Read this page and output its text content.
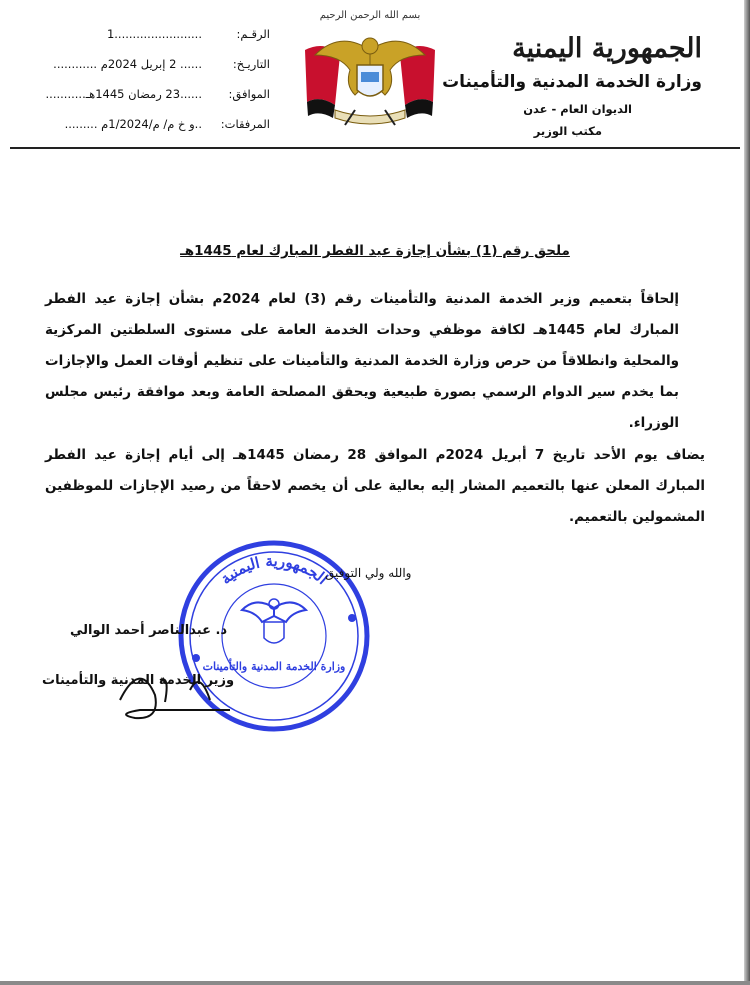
الجمهورية اليمنية
وزارة الخدمة المدنية والتأمينات
الديوان العام - عدن
مكتب الوزير
بسم الله الرحمن الرحيم
الرقـم:
........................1
التاريـخ:
...... 2 إبريل 2024م ............
الموافق:
......23 رمضان 1445هـ...........
المرفقات:
..و خ م/ م/1/2024م .........
ملحق رقم (1) بشأن إجازة عيد الفطر المبارك لعام 1445هـ
إلحاقاً بتعميم وزير الخدمة المدنية والتأمينات رقم (3) لعام 2024م بشأن إجازة عيد الفطر المبارك لعام 1445هـ لكافة موظفي وحدات الخدمة العامة على مستوى السلطتين المركزية والمحلية وانطلاقاً من حرص وزارة الخدمة المدنية والتأمينات على تنظيم أوقات العمل والإجازات بما يخدم سير الدوام الرسمي بصورة طبيعية ويحقق المصلحة العامة وبعد موافقة رئيس مجلس الوزراء.
يضاف يوم الأحد تاريخ 7 أبريل 2024م الموافق 28 رمضان 1445هـ إلى أيام إجازة عيد الفطر المبارك المعلن عنها بالتعميم المشار إليه بعالية على أن يخصم لاحقاً من رصيد الإجازات للموظفين المشمولين بالتعميم.
الجمهورية اليمنية
وزارة الخدمة المدنية والتأمينات
والله ولي التوفيق
د. عبدالناصر أحمد الوالي
وزير الخدمة المدنية والتأمينات
